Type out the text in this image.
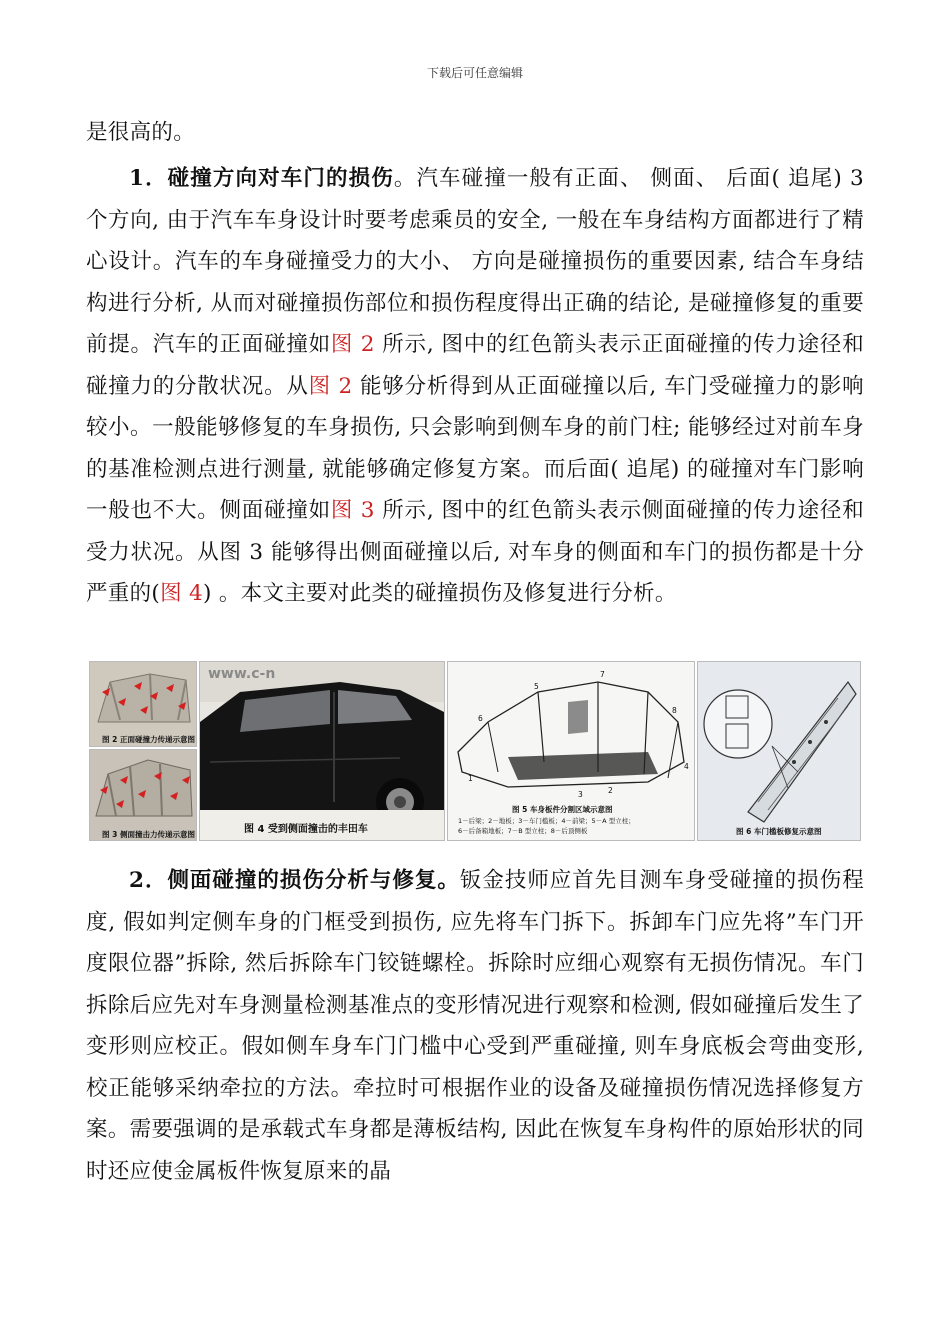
下载后可任意编辑
是很高的。
1．碰撞方向对车门的损伤。汽车碰撞一般有正面、 侧面、 后面( 追尾) 3 个方向, 由于汽车车身设计时要考虑乘员的安全, 一般在车身结构方面都进行了精心设计。汽车的车身碰撞受力的大小、 方向是碰撞损伤的重要因素, 结合车身结构进行分析, 从而对碰撞损伤部位和损伤程度得出正确的结论, 是碰撞修复的重要前提。汽车的正面碰撞如图 2 所示, 图中的红色箭头表示正面碰撞的传力途径和碰撞力的分散状况。从图 2 能够分析得到从正面碰撞以后, 车门受碰撞力的影响较小。一般能够修复的车身损伤, 只会影响到侧车身的前门柱; 能够经过对前车身的基准检测点进行测量, 就能够确定修复方案。而后面( 追尾) 的碰撞对车门影响一般也不大。侧面碰撞如图 3 所示, 图中的红色箭头表示侧面碰撞的传力途径和受力状况。从图 3 能够得出侧面碰撞以后, 对车身的侧面和车门的损伤都是十分严重的(图 4) 。本文主要对此类的碰撞损伤及修复进行分析。
图 2 正面碰撞力传递示意图
图 3 侧面撞击力传递示意图
www.c-n
图 4 受到侧面撞击的丰田车
8
7
6
5
4
3	2
1
图 5 车身板件分割区域示意图
1－后梁；2－地板；3－车门槛板；4－前梁；5－A 型立柱；
6－后备箱地板；7－B 型立柱；8－后顶侧板	图 6 车门槛板修复示意图
2．侧面碰撞的损伤分析与修复。钣金技师应首先目测车身受碰撞的损伤程度, 假如判定侧车身的门框受到损伤, 应先将车门拆下。拆卸车门应先将”车门开度限位器”拆除, 然后拆除车门铰链螺栓。拆除时应细心观察有无损伤情况。车门拆除后应先对车身测量检测基准点的变形情况进行观察和检测, 假如碰撞后发生了变形则应校正。假如侧车身车门门槛中心受到严重碰撞, 则车身底板会弯曲变形, 校正能够采纳牵拉的方法。牵拉时可根据作业的设备及碰撞损伤情况选择修复方案。需要强调的是承载式车身都是薄板结构, 因此在恢复车身构件的原始形状的同时还应使金属板件恢复原来的晶
